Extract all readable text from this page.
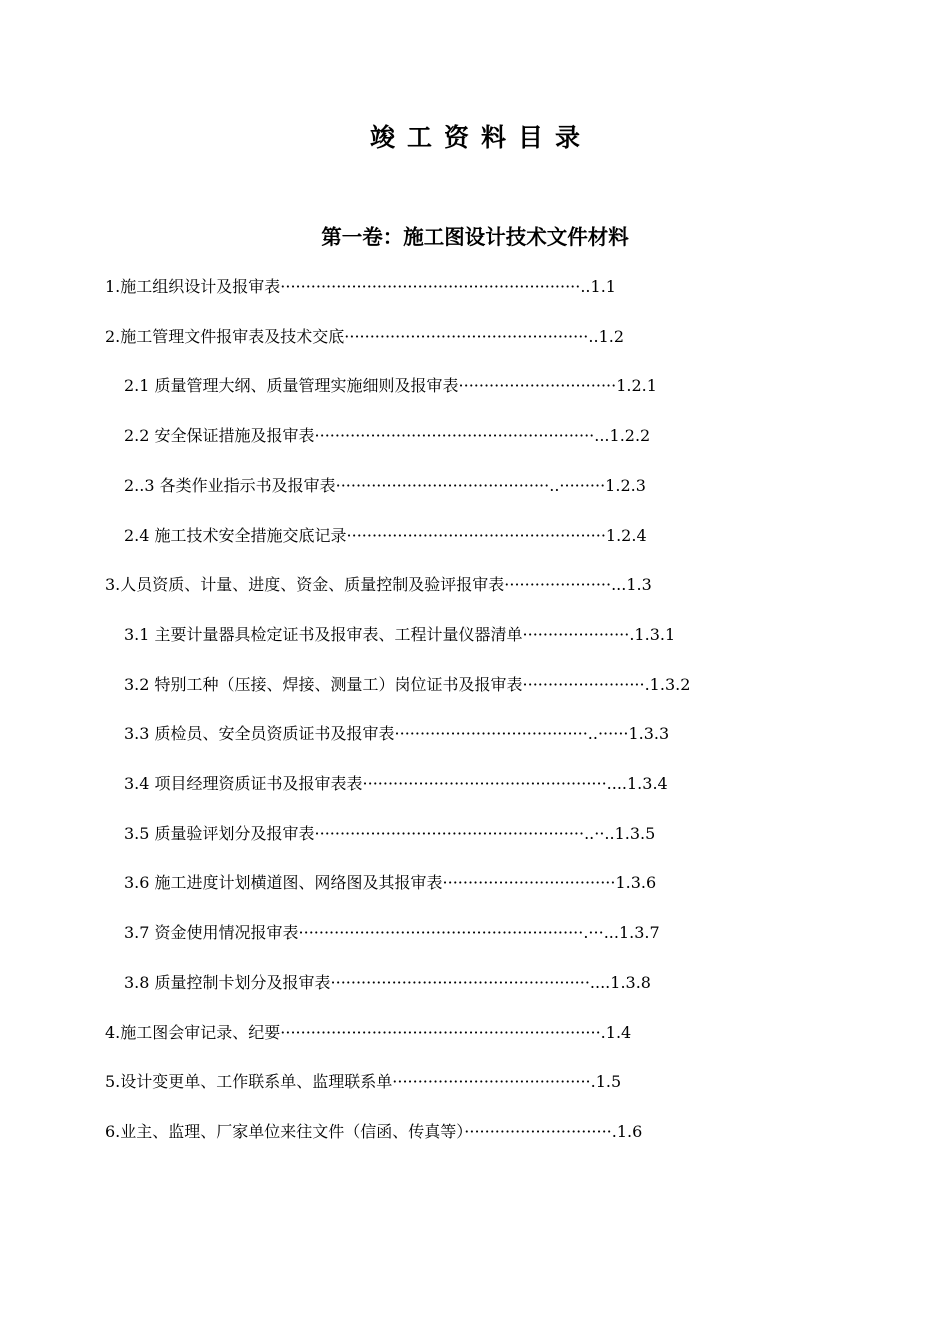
竣工资料目录
第一卷：施工图设计技术文件材料
1.施工组织设计及报审表···························································..1.1
2.施工管理文件报审表及技术交底················································..1.2
2.1 质量管理大纲、质量管理实施细则及报审表·······························1.2.1
2.2 安全保证措施及报审表·······················································...1.2.2
2..3 各类作业指示书及报审表··········································..·········1.2.3
2.4 施工技术安全措施交底记录···················································1.2.4
3.人员资质、计量、进度、资金、质量控制及验评报审表·····················...1.3
3.1 主要计量器具检定证书及报审表、工程计量仪器清单·····················.1.3.1
3.2 特别工种（压接、焊接、测量工）岗位证书及报审表························.1.3.2
3.3 质检员、安全员资质证书及报审表······································..······1.3.3
3.4 项目经理资质证书及报审表表················································....1.3.4
3.5 质量验评划分及报审表·····················································..··..1.3.5
3.6 施工进度计划横道图、网络图及其报审表··································1.3.6
3.7 资金使用情况报审表························································.···...1.3.7
3.8 质量控制卡划分及报审表···················································....1.3.8
4.施工图会审记录、纪要·······························································.1.4
5.设计变更单、工作联系单、监理联系单·······································.1.5
6.业主、监理、厂家单位来往文件（信函、传真等）·····························.1.6
